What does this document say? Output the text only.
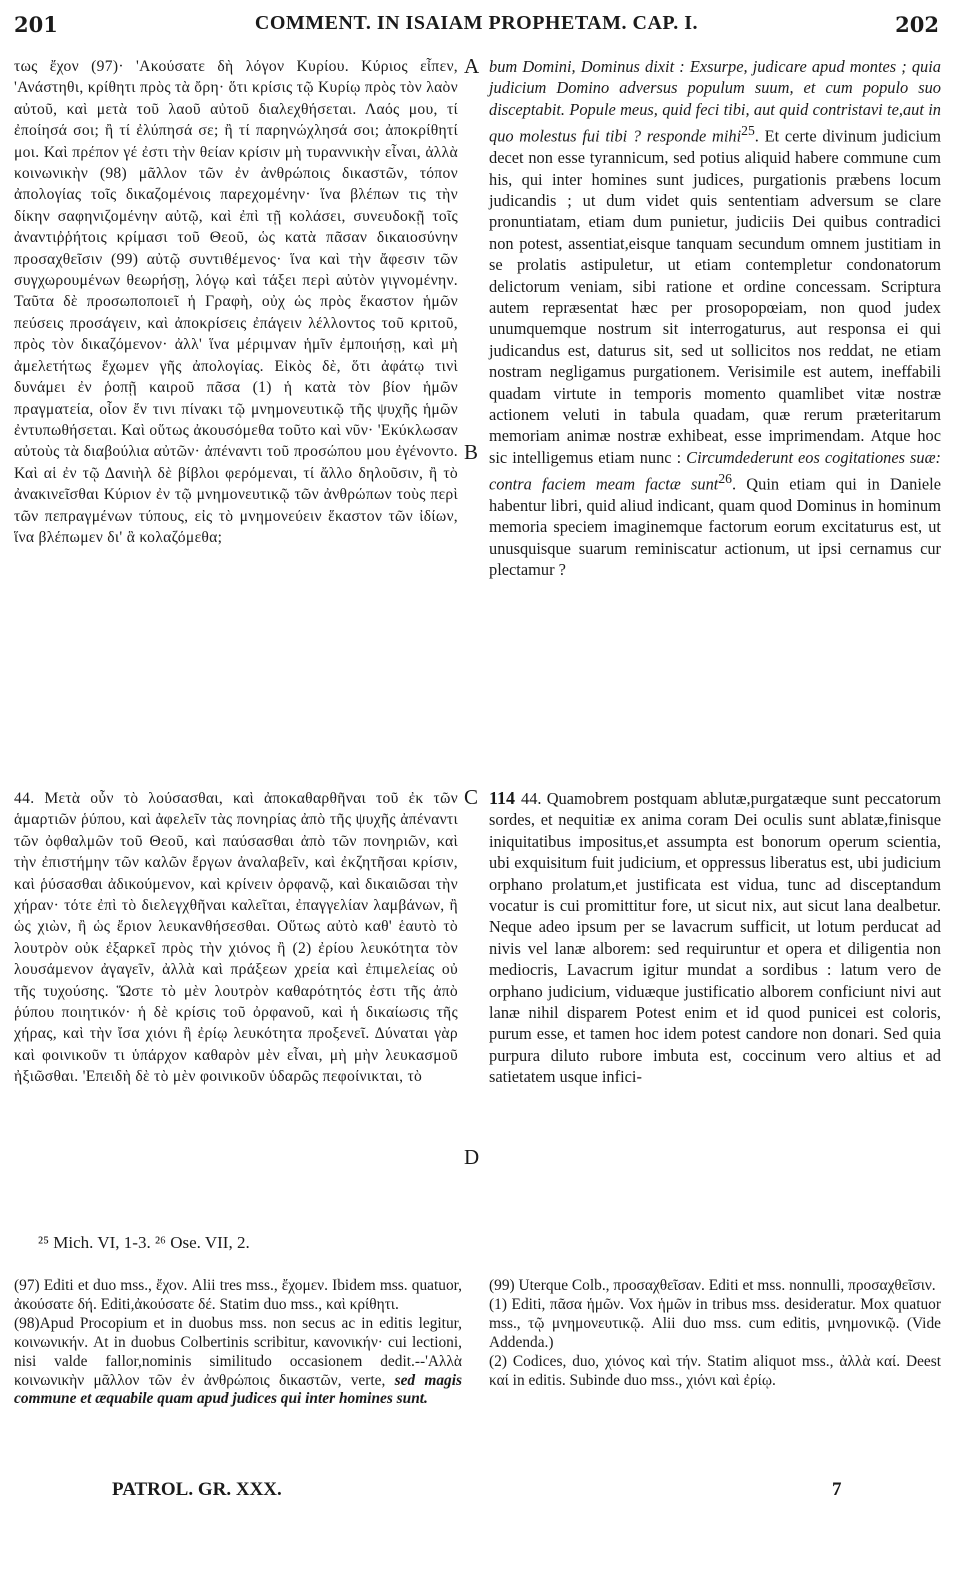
201	COMMENT. IN ISAIAM PROPHETAM. CAP. I.	202

τως ἔχον (97)· 'Ακούσατε δὴ λόγον Κυρίου. Κύριος εἶπεν, 'Ανάστηθι, κρίθητι πρὸς τὰ ὄρη· ὅτι κρίσις τῷ Κυρίῳ πρὸς τὸν λαὸν αὐτοῦ, καὶ μετὰ τοῦ λαοῦ αὐτοῦ διαλεχθήσεται. Λαός μου, τί ἐποίησά σοι; ἢ τί ἐλύπησά σε; ἢ τί παρηνώχλησά σοι; ἀποκρίθητί μοι. Καὶ πρέπον γέ ἐστι τὴν θείαν κρίσιν μὴ τυραννικὴν εἶναι, ἀλλὰ κοινωνικὴν (98) μᾶλλον τῶν ἐν ἀνθρώποις δικαστῶν, τόπον ἀπολογίας τοῖς δικαζομένοις παρεχομένην· ἵνα βλέπων τις τὴν δίκην σαφηνιζομένην αὐτῷ, καὶ ἐπὶ τῇ κολάσει, συνευδοκῇ τοῖς ἀναντιῤῥήτοις κρίμασι τοῦ Θεοῦ, ὡς κατὰ πᾶσαν δικαιοσύνην προσαχθεῖσιν (99) αὐτῷ συντιθέμενος· ἵνα καὶ τὴν ἄφεσιν τῶν συγχωρουμένων θεωρήσῃ, λόγῳ καὶ τάξει περὶ αὐτὸν γιγνομένην. Ταῦτα δὲ προσωποποιεῖ ἡ Γραφὴ, οὐχ ὡς πρὸς ἕκαστον ἡμῶν πεύσεις προσάγειν, καὶ ἀποκρίσεις ἐπάγειν λέλλοντος τοῦ κριτοῦ, πρὸς τὸν δικαζόμενον· ἀλλ' ἵνα μέριμναν ἡμῖν ἐμποιήσῃ, καὶ μὴ ἀμελετήτως ἔχωμεν γῆς ἀπολογίας. Εἰκὸς δὲ, ὅτι ἀφάτῳ τινὶ δυνάμει ἐν ῥοπῇ καιροῦ πᾶσα (1) ἡ κατὰ τὸν βίον ἡμῶν πραγματεία, οἷον ἔν τινι πίνακι τῷ μνημονευτικῷ τῆς ψυχῆς ἡμῶν ἐντυπωθήσεται. Καὶ οὕτως ἀκουσόμεθα τοῦτο καὶ νῦν· 'Εκύκλωσαν αὐτοὺς τὰ διαβούλια αὐτῶν· ἀπέναντι τοῦ προσώπου μου ἐγένοντο. Καὶ αἱ ἐν τῷ Δανιὴλ δὲ βίβλοι φερόμεναι, τί ἄλλο δηλοῦσιν, ἢ τὸ ἀνακινεῖσθαι Κύριον ἐν τῷ μνημονευτικῷ τῶν ἀνθρώπων τοὺς περὶ τῶν πεπραγμένων τύπους, εἰς τὸ μνημονεύειν ἕκαστον τῶν ἰδίων, ἵνα βλέπωμεν δι' ἃ κολαζόμεθα;

44. Μετὰ οὖν τὸ λούσασθαι, καὶ ἀποκαθαρθῆναι τοῦ ἐκ τῶν ἁμαρτιῶν ῥύπου, καὶ ἀφελεῖν τὰς πονηρίας ἀπὸ τῆς ψυχῆς ἀπέναντι τῶν ὀφθαλμῶν τοῦ Θεοῦ, καὶ παύσασθαι ἀπὸ τῶν πονηριῶν, καὶ τὴν ἐπιστήμην τῶν καλῶν ἔργων ἀναλαβεῖν, καὶ ἐκζητῆσαι κρίσιν, καὶ ῥύσασθαι ἀδικούμενον, καὶ κρίνειν ὀρφανῷ, καὶ δικαιῶσαι τὴν χήραν· τότε ἐπὶ τὸ διελεγχθῆναι καλεῖται, ἐπαγγελίαν λαμβάνων, ἢ ὡς χιὼν, ἢ ὡς ἔριον λευκανθήσεσθαι. Οὕτως αὐτὸ καθ' ἑαυτὸ τὸ λουτρὸν οὐκ ἐξαρκεῖ πρὸς τὴν χιόνος ἢ (2) ἐρίου λευκότητα τὸν λουσάμενον ἀγαγεῖν, ἀλλὰ καὶ πράξεων χρεία καὶ ἐπιμελείας οὐ τῆς τυχούσης. Ὥστε τὸ μὲν λουτρὸν καθαρότητός ἐστι τῆς ἀπὸ ῥύπου ποιητικόν· ἡ δὲ κρίσις τοῦ ὀρφανοῦ, καὶ ἡ δικαίωσις τῆς χήρας, καὶ τὴν ἴσα χιόνι ἢ ἐρίῳ λευκότητα προξενεῖ. Δύναται γὰρ καὶ φοινικοῦν τι ὑπάρχον καθαρὸν μὲν εἶναι, μὴ μὴν λευκασμοῦ ἠξιῶσθαι. 'Επειδὴ δὲ τὸ μὲν φοινικοῦν ὑδαρῶς πεφοίνικται, τὸ

A
B
C
D

bum Domini, Dominus dixit : Exsurpe, judicare apud montes ; quia judicium Domino adversus populum suum, et cum populo suo disceptabit. Popule meus, quid feci tibi, aut quid contristavi te,aut in quo molestus fui tibi ? responde mihi$^{25}$. Et certe divinum judicium decet non esse tyrannicum, sed potius aliquid habere commune cum his, qui inter homines sunt judices, purgationis præbens locum judicandis ; ut dum videt quis sententiam adversum se clare pronuntiatam, etiam dum punietur, judiciis Dei quibus contradici non potest, assentiat,eisque tanquam secundum omnem justitiam in se prolatis astipuletur, ut etiam contempletur condonatorum delictorum veniam, sibi ratione et ordine concessam. Scriptura autem repræsentat hæc per prosopopœiam, non quod judex unumquemque nostrum sit interrogaturus, aut responsa ei qui judicandus est, daturus sit, sed ut sollicitos nos reddat, ne etiam nostram negligamus purgationem. Verisimile est autem, ineffabili quadam virtute in temporis momento quamlibet vitæ nostræ actionem veluti in tabula quadam, quæ rerum præteritarum memoriam animæ nostræ exhibeat, esse imprimendam. Atque hoc sic intelligemus etiam nunc : Circumdederunt eos cogitationes suæ: contra faciem meam factæ sunt$^{26}$. Quin etiam qui in Daniele habentur libri, quid aliud indicant, quam quod Dominus in hominum memoria speciem imaginemque factorum eorum excitaturus est, ut unusquisque suarum reminiscatur actionum, ut ipsi cernamus cur plectamur ?

114 44. Quamobrem postquam ablutæ,purgatæque sunt peccatorum sordes, et nequitiæ ex anima coram Dei oculis sunt ablatæ,finisque iniquitatibus impositus,et assumpta est bonorum operum scientia, ubi exquisitum fuit judicium, et oppressus liberatus est, ubi judicium orphano prolatum,et justificata est vidua, tunc ad disceptandum vocatur is cui promittitur fore, ut sicut nix, aut sicut lana dealbetur. Neque adeo ipsum per se lavacrum sufficit, ut lotum perducat ad nivis vel lanæ alborem: sed requiruntur et opera et diligentia non mediocris, Lavacrum igitur mundat a sordibus : latum vero de orphano judicium, viduæque justificatio alborem conficiunt nivi aut lanæ nihil disparem Potest enim et id quod punicei est coloris, purum esse, et tamen hoc idem potest candore non donari. Sed quia purpura diluto rubore imbuta est, coccinum vero altius et ad satietatem usque infici-

²⁵ Mich. VI, 1-3. ²⁶ Ose. VII, 2.

(97) Editi et duo mss., ἔχον. Alii tres mss., ἔχομεν. Ibidem mss. quatuor, ἀκούσατε δή. Editi,ἀκούσατε δέ. Statim duo mss., καὶ κρίθητι.

(98)Apud Procopium et in duobus mss. non secus ac in editis legitur, κοινωνικήν. At in duobus Colbertinis scribitur, κανονικήν· cui lectioni, nisi valde fallor,nominis similitudo occasionem dedit.--'Αλλὰ κοινωνικὴν μᾶλλον τῶν ἐν ἀνθρώποις δικαστῶν, verte, sed magis commune et æquabile quam apud judices qui inter homines sunt.

(99) Uterque Colb., προσαχθεῖσαν. Editi et mss. nonnulli, προσαχθεῖσιν.

(1) Editi, πᾶσα ἡμῶν. Vox ἡμῶν in tribus mss. desideratur. Mox quatuor mss., τῷ μνημονευτικῷ. Alii duo mss. cum editis, μνημονικῷ. (Vide Addenda.)

(2) Codices, duo, χιόνος καὶ τήν. Statim aliquot mss., ἀλλὰ καί. Deest καί in editis. Subinde duo mss., χιόνι καὶ ἐρίῳ.

PATROL. GR. XXX.	7
